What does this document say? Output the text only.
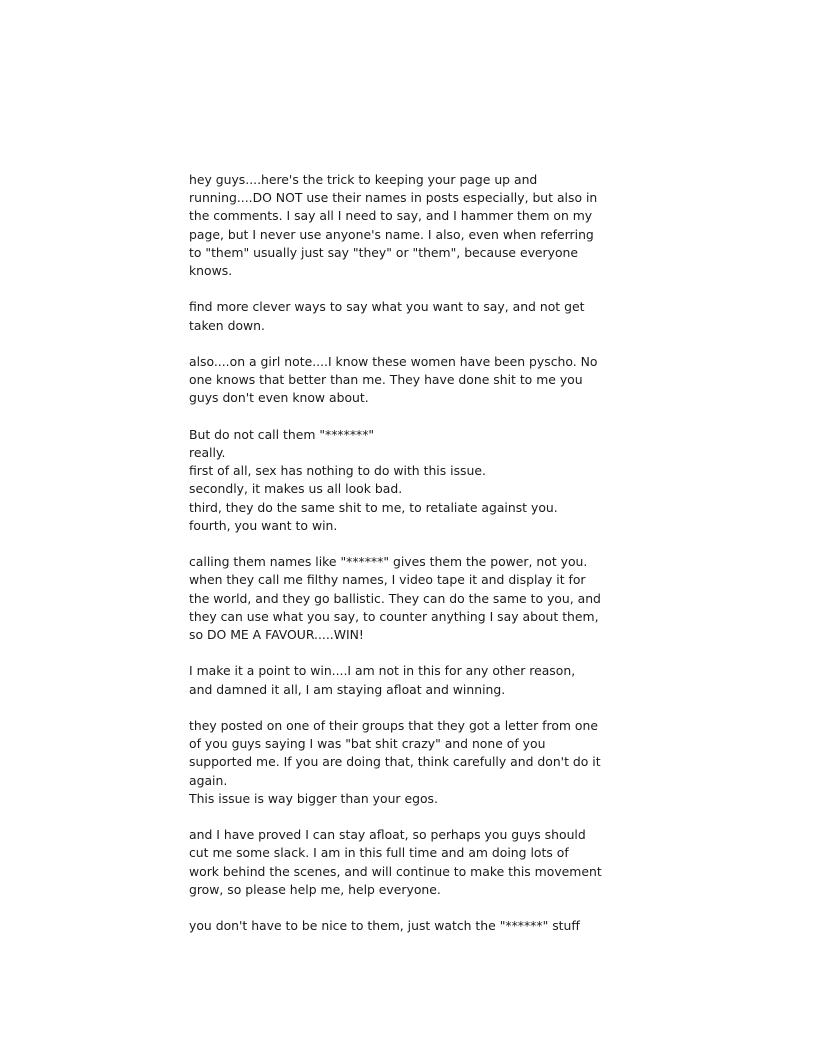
hey guys....here's the trick to keeping your page up and
running....DO NOT use their names in posts especially, but also in
the comments. I say all I need to say, and I hammer them on my
page, but I never use anyone's name. I also, even when referring
to "them" usually just say "they" or "them", because everyone
knows.
find more clever ways to say what you want to say, and not get
taken down.
also....on a girl note....I know these women have been pyscho. No
one knows that better than me. They have done shit to me you
guys don't even know about.
But do not call them "*******"
really.
first of all, sex has nothing to do with this issue.
secondly, it makes us all look bad.
third, they do the same shit to me, to retaliate against you.
fourth, you want to win.
calling them names like "******" gives them the power, not you.
when they call me filthy names, I video tape it and display it for
the world, and they go ballistic. They can do the same to you, and
they can use what you say, to counter anything I say about them,
so DO ME A FAVOUR.....WIN!
I make it a point to win....I am not in this for any other reason,
and damned it all, I am staying afloat and winning.
they posted on one of their groups that they got a letter from one
of you guys saying I was "bat shit crazy" and none of you
supported me. If you are doing that, think carefully and don't do it
again.
This issue is way bigger than your egos.
and I have proved I can stay afloat, so perhaps you guys should
cut me some slack. I am in this full time and am doing lots of
work behind the scenes, and will continue to make this movement
grow, so please help me, help everyone.
you don't have to be nice to them, just watch the "******" stuff
